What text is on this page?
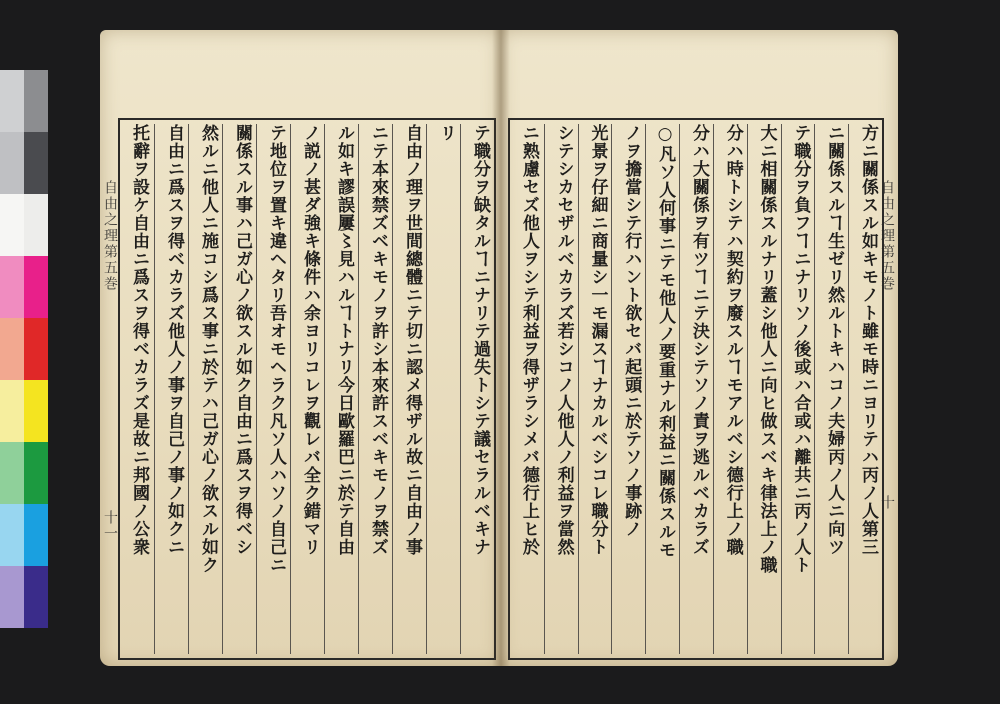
自由之理第五巻
十一	テ職分ヲ缺タルヿニナリテ過失トシテ議セラルベキナ
リ
自由ノ理ヲ世間總體ニテ切ニ認メ得ザル故ニ自由ノ事
ニテ本來禁ズベキモノヲ許シ本來許スベキモノヲ禁ズ
ル如キ謬誤屢〻見ハルヿトナリ今日歐羅巴ニ於テ自由
ノ説ノ甚ダ強キ條件ハ余ヨリコレヲ觀レバ全ク錯マリ
テ地位ヲ置キ違ヘタリ吾オモヘラク凡ソ人ハソノ自己ニ
關係スル事ハ己ガ心ノ欲スル如ク自由ニ爲スヲ得ベシ
然ルニ他人ニ施コシ爲ス事ニ於テハ己ガ心ノ欲スル如ク
自由ニ爲スヲ得ベカラズ他人ノ事ヲ自己ノ事ノ如クニ
托辭ヲ設ケ自由ニ爲スヲ得ベカラズ是故ニ邦國ノ公衆	自由之理第五巻
十
方ニ關係スル如キモノト雖モ時ニヨリテハ丙ノ人第三
ニ關係スルヿ生ゼリ然ルトキハコノ夫婦丙ノ人ニ向ツ
テ職分ヲ負フヿニナリソノ後或ハ合或ハ離共ニ丙ノ人ト
大ニ相關係スルナリ蓋シ他人ニ向ヒ做スベキ律法上ノ職
分ハ時トシテハ契約ヲ廢スルヿモアルベシ德行上ノ職
分ハ大關係ヲ有ツヿニテ決シテソノ責ヲ逃ルベカラズ
○凡ソ人何事ニテモ他人ノ要重ナル利益ニ關係スルモ
ノヲ擔當シテ行ハント欲セバ起頭ニ於テソノ事跡ノ
光景ヲ仔細ニ商量シ一モ漏スヿナカルベシコレ職分ト
シテシカセザルベカラズ若シコノ人他人ノ利益ヲ當然
ニ熟慮セズ他人ヲシテ利益ヲ得ザラシメバ德行上ヒ於
